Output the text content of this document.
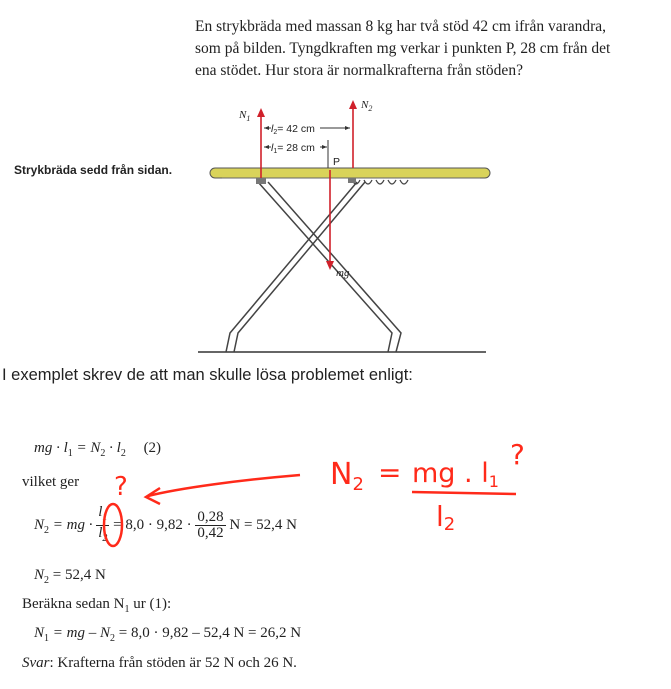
En strykbräda med massan 8 kg har två stöd 42 cm ifrån varandra,
som på bilden. Tyngdkraften mg verkar i punkten P, 28 cm från det
ena stödet. Hur stora är normalkrafterna från stöden?
Strykbräda sedd från sidan.
$N_1$
$N_2$
l2= 42 cm
l1= 28 cm
P
mg
I exemplet skrev de att man skulle lösa problemet enligt:
mg · $l_1 = N_2 \cdot l_2$ (2)
vilket ger
$N_2$ = mg · $\frac{l_1}{l_2} = 8,0 \cdot 9,82 \cdot \frac{0,28}{0,42}$ N = 52,4 N
$N_2 = 52,4$ N
Beräkna sedan $N_1$ ur (1):
$N_1$ = mg – $N_2 = 8,0 \cdot 9,82 - 52,4$ N = 26,2 N
Svar: Krafterna från stöden är 52 N och 26 N.
?	$N_2$ = mg . l1
l2
?
